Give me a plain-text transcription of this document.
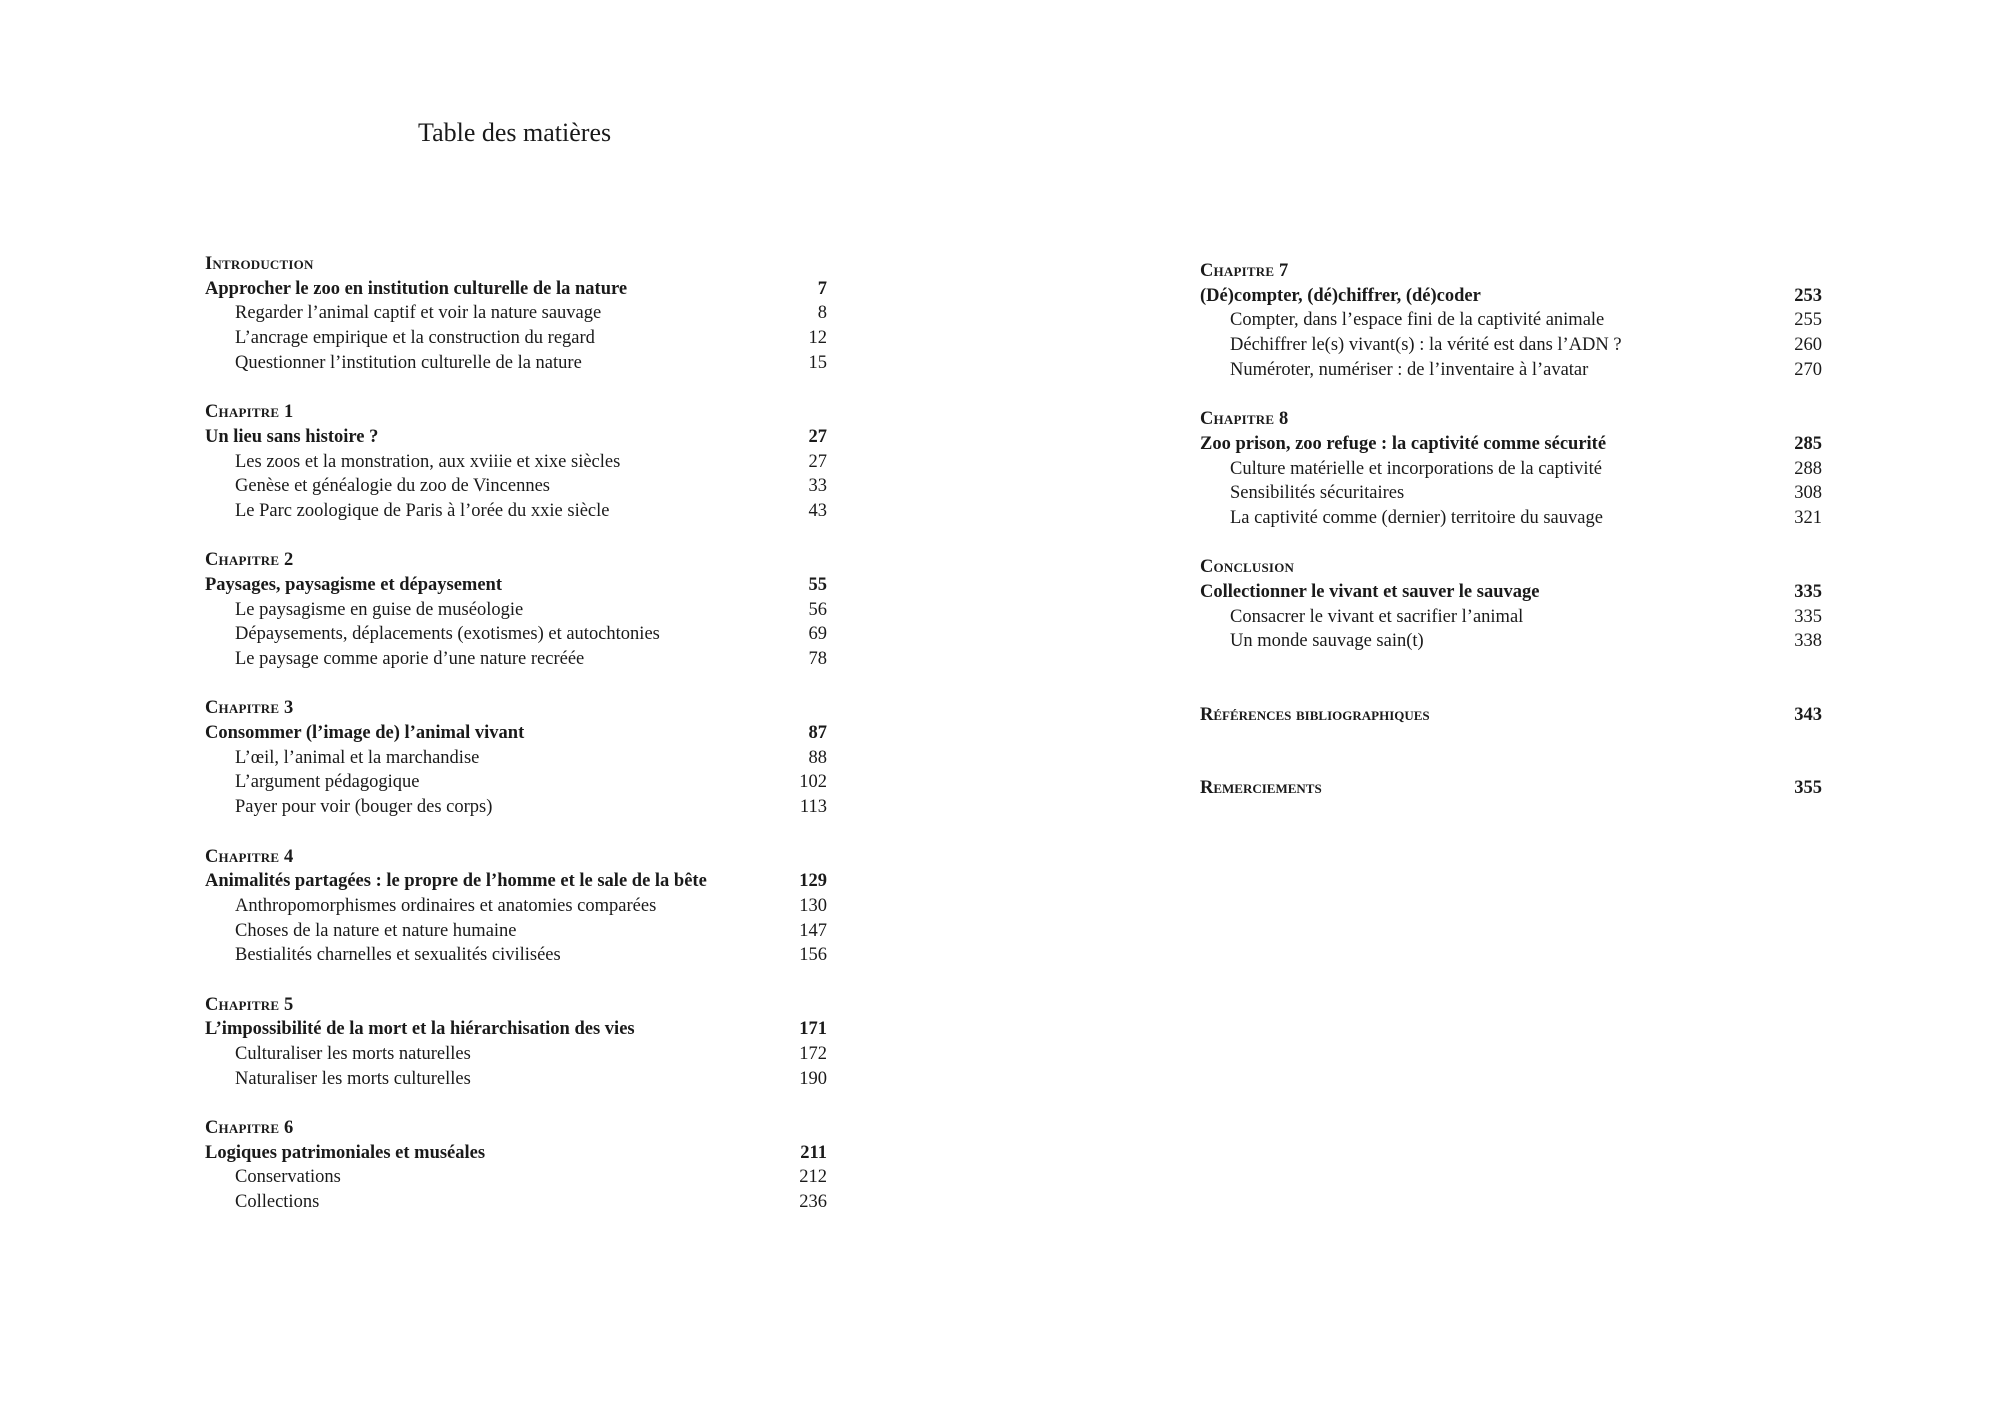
Table des matières
Introduction
Approcher le zoo en institution culturelle de la nature	7
Regarder l’animal captif et voir la nature sauvage	8
L’ancrage empirique et la construction du regard	12
Questionner l’institution culturelle de la nature	15
Chapitre 1
Un lieu sans histoire ?	27
Les zoos et la monstration, aux xviiie et xixe siècles	27
Genèse et généalogie du zoo de Vincennes	33
Le Parc zoologique de Paris à l’orée du xxie siècle	43
Chapitre 2
Paysages, paysagisme et dépaysement	55
Le paysagisme en guise de muséologie	56
Dépaysements, déplacements (exotismes) et autochtonies	69
Le paysage comme aporie d’une nature recréée	78
Chapitre 3
Consommer (l’image de) l’animal vivant	87
L’œil, l’animal et la marchandise	88
L’argument pédagogique	102
Payer pour voir (bouger des corps)	113
Chapitre 4
Animalités partagées : le propre de l’homme et le sale de la bête	129
Anthropomorphismes ordinaires et anatomies comparées	130
Choses de la nature et nature humaine	147
Bestialités charnelles et sexualités civilisées	156
Chapitre 5
L’impossibilité de la mort et la hiérarchisation des vies	171
Culturaliser les morts naturelles	172
Naturaliser les morts culturelles	190
Chapitre 6
Logiques patrimoniales et muséales	211
Conservations	212
Collections	236
Chapitre 7
(Dé)compter, (dé)chiffrer, (dé)coder	253
Compter, dans l’espace fini de la captivité animale	255
Déchiffrer le(s) vivant(s) : la vérité est dans l’ADN ?	260
Numéroter, numériser : de l’inventaire à l’avatar	270
Chapitre 8
Zoo prison, zoo refuge : la captivité comme sécurité	285
Culture matérielle et incorporations de la captivité	288
Sensibilités sécuritaires	308
La captivité comme (dernier) territoire du sauvage	321
Conclusion
Collectionner le vivant et sauver le sauvage	335
Consacrer le vivant et sacrifier l’animal	335
Un monde sauvage sain(t)	338
Références bibliographiques	343
Remerciements	355
